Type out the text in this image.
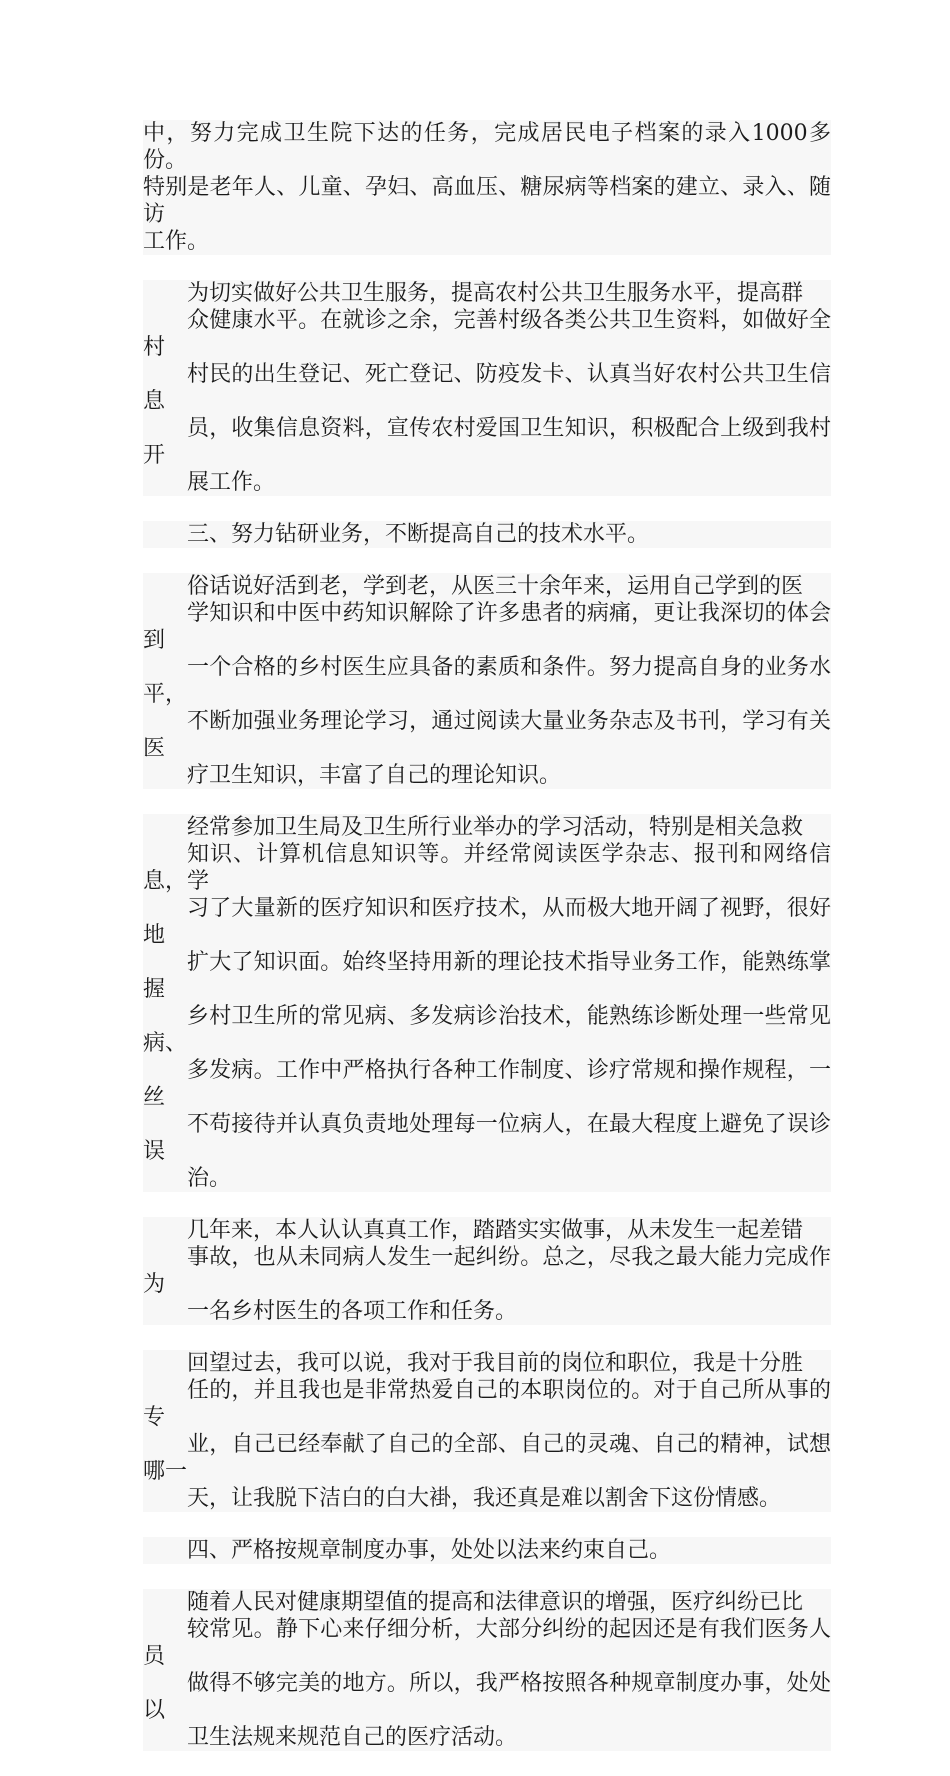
中，努力完成卫生院下达的任务，完成居民电子档案的录入1000多份。
特别是老年人、儿童、孕妇、高血压、糖尿病等档案的建立、录入、随访
工作。

为切实做好公共卫生服务，提高农村公共卫生服务水平，提高群
众健康水平。在就诊之余，完善村级各类公共卫生资料，如做好全村
村民的出生登记、死亡登记、防疫发卡、认真当好农村公共卫生信息
员，收集信息资料，宣传农村爱国卫生知识，积极配合上级到我村开
展工作。

三、努力钻研业务，不断提高自己的技术水平。

俗话说好活到老，学到老，从医三十余年来，运用自己学到的医
学知识和中医中药知识解除了许多患者的病痛，更让我深切的体会到
一个合格的乡村医生应具备的素质和条件。努力提高自身的业务水平，
不断加强业务理论学习，通过阅读大量业务杂志及书刊，学习有关医
疗卫生知识，丰富了自己的理论知识。

经常参加卫生局及卫生所行业举办的学习活动，特别是相关急救
知识、计算机信息知识等。并经常阅读医学杂志、报刊和网络信息，学
习了大量新的医疗知识和医疗技术，从而极大地开阔了视野，很好地
扩大了知识面。始终坚持用新的理论技术指导业务工作，能熟练掌握
乡村卫生所的常见病、多发病诊治技术，能熟练诊断处理一些常见病、
多发病。工作中严格执行各种工作制度、诊疗常规和操作规程，一丝
不苟接待并认真负责地处理每一位病人，在最大程度上避免了误诊误
治。

几年来，本人认认真真工作，踏踏实实做事，从未发生一起差错
事故，也从未同病人发生一起纠纷。总之，尽我之最大能力完成作为
一名乡村医生的各项工作和任务。

回望过去，我可以说，我对于我目前的岗位和职位，我是十分胜
任的，并且我也是非常热爱自己的本职岗位的。对于自己所从事的专
业，自己已经奉献了自己的全部、自己的灵魂、自己的精神，试想哪一
天，让我脱下洁白的白大褂，我还真是难以割舍下这份情感。

四、严格按规章制度办事，处处以法来约束自己。

随着人民对健康期望值的提高和法律意识的增强，医疗纠纷已比
较常见。静下心来仔细分析，大部分纠纷的起因还是有我们医务人员
做得不够完美的地方。所以，我严格按照各种规章制度办事，处处以
卫生法规来规范自己的医疗活动。
